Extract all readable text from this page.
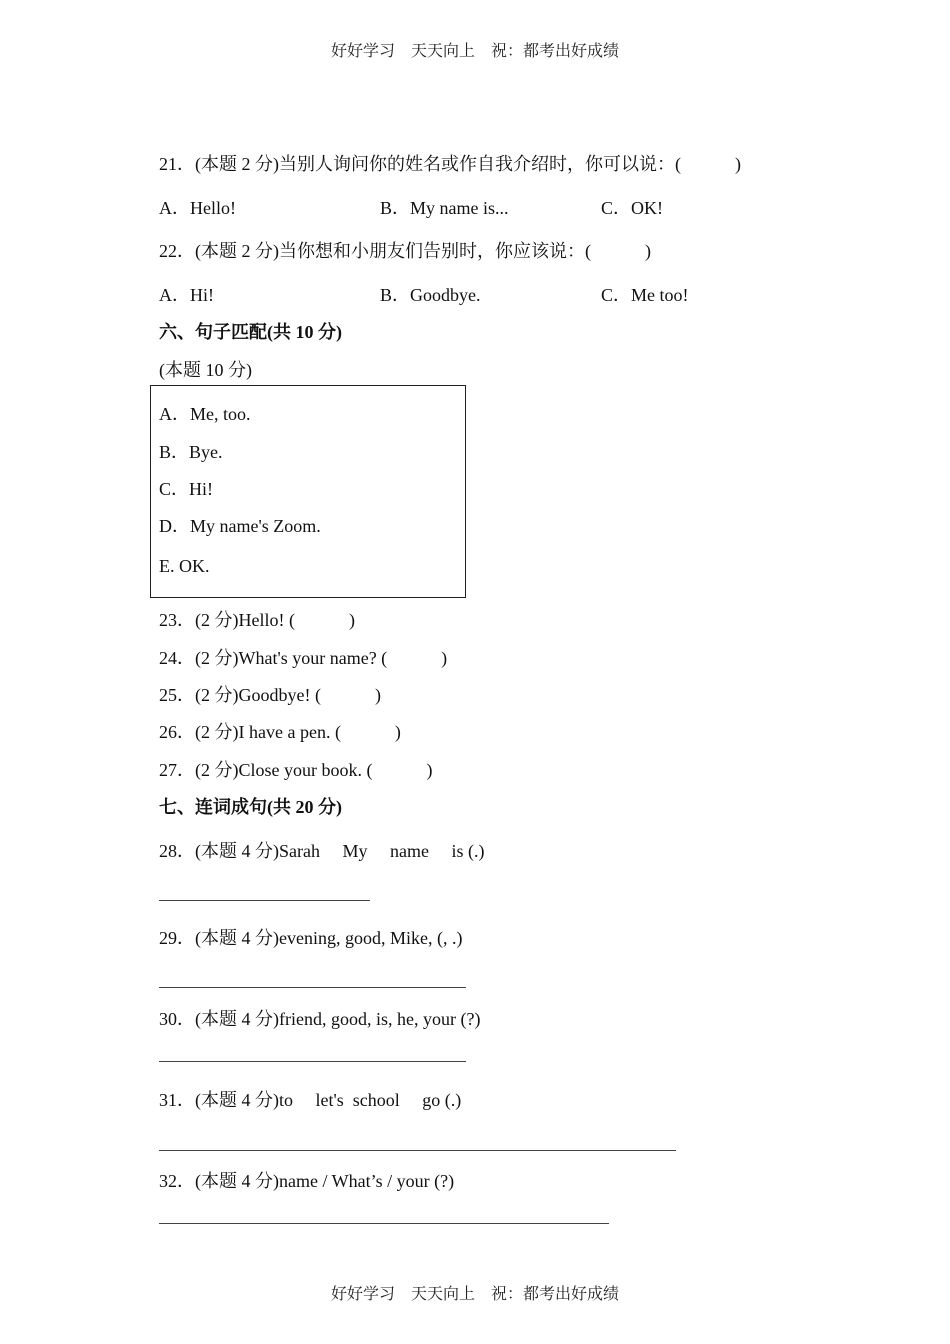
好好学习　天天向上　祝：都考出好成绩
21．(本题 2 分)当别人询问你的姓名或作自我介绍时，你可以说：(　　　)
A．Hello!	B．My name is...	C．OK!
22．(本题 2 分)当你想和小朋友们告别时，你应该说：(　　　)
A．Hi!	B．Goodbye.	C．Me too!
六、句子匹配(共 10 分)
(本题 10 分)
A．Me, too.
B．Bye.
C．Hi!
D．My name's Zoom.
E. OK.
23．(2 分)Hello! (　　　)
24．(2 分)What's your name? (　　　)
25．(2 分)Goodbye! (　　　)
26．(2 分)I have a pen. (　　　)
27．(2 分)Close your book. (　　　)
七、连词成句(共 20 分)
28．(本题 4 分)Sarah　 My　 name　 is (.)
29．(本题 4 分)evening, good, Mike, (, .)
30．(本题 4 分)friend, good, is, he, your (?)
31．(本题 4 分)to　 let's  school　 go (.)
32．(本题 4 分)name / What’s / your (?)
好好学习　天天向上　祝：都考出好成绩
